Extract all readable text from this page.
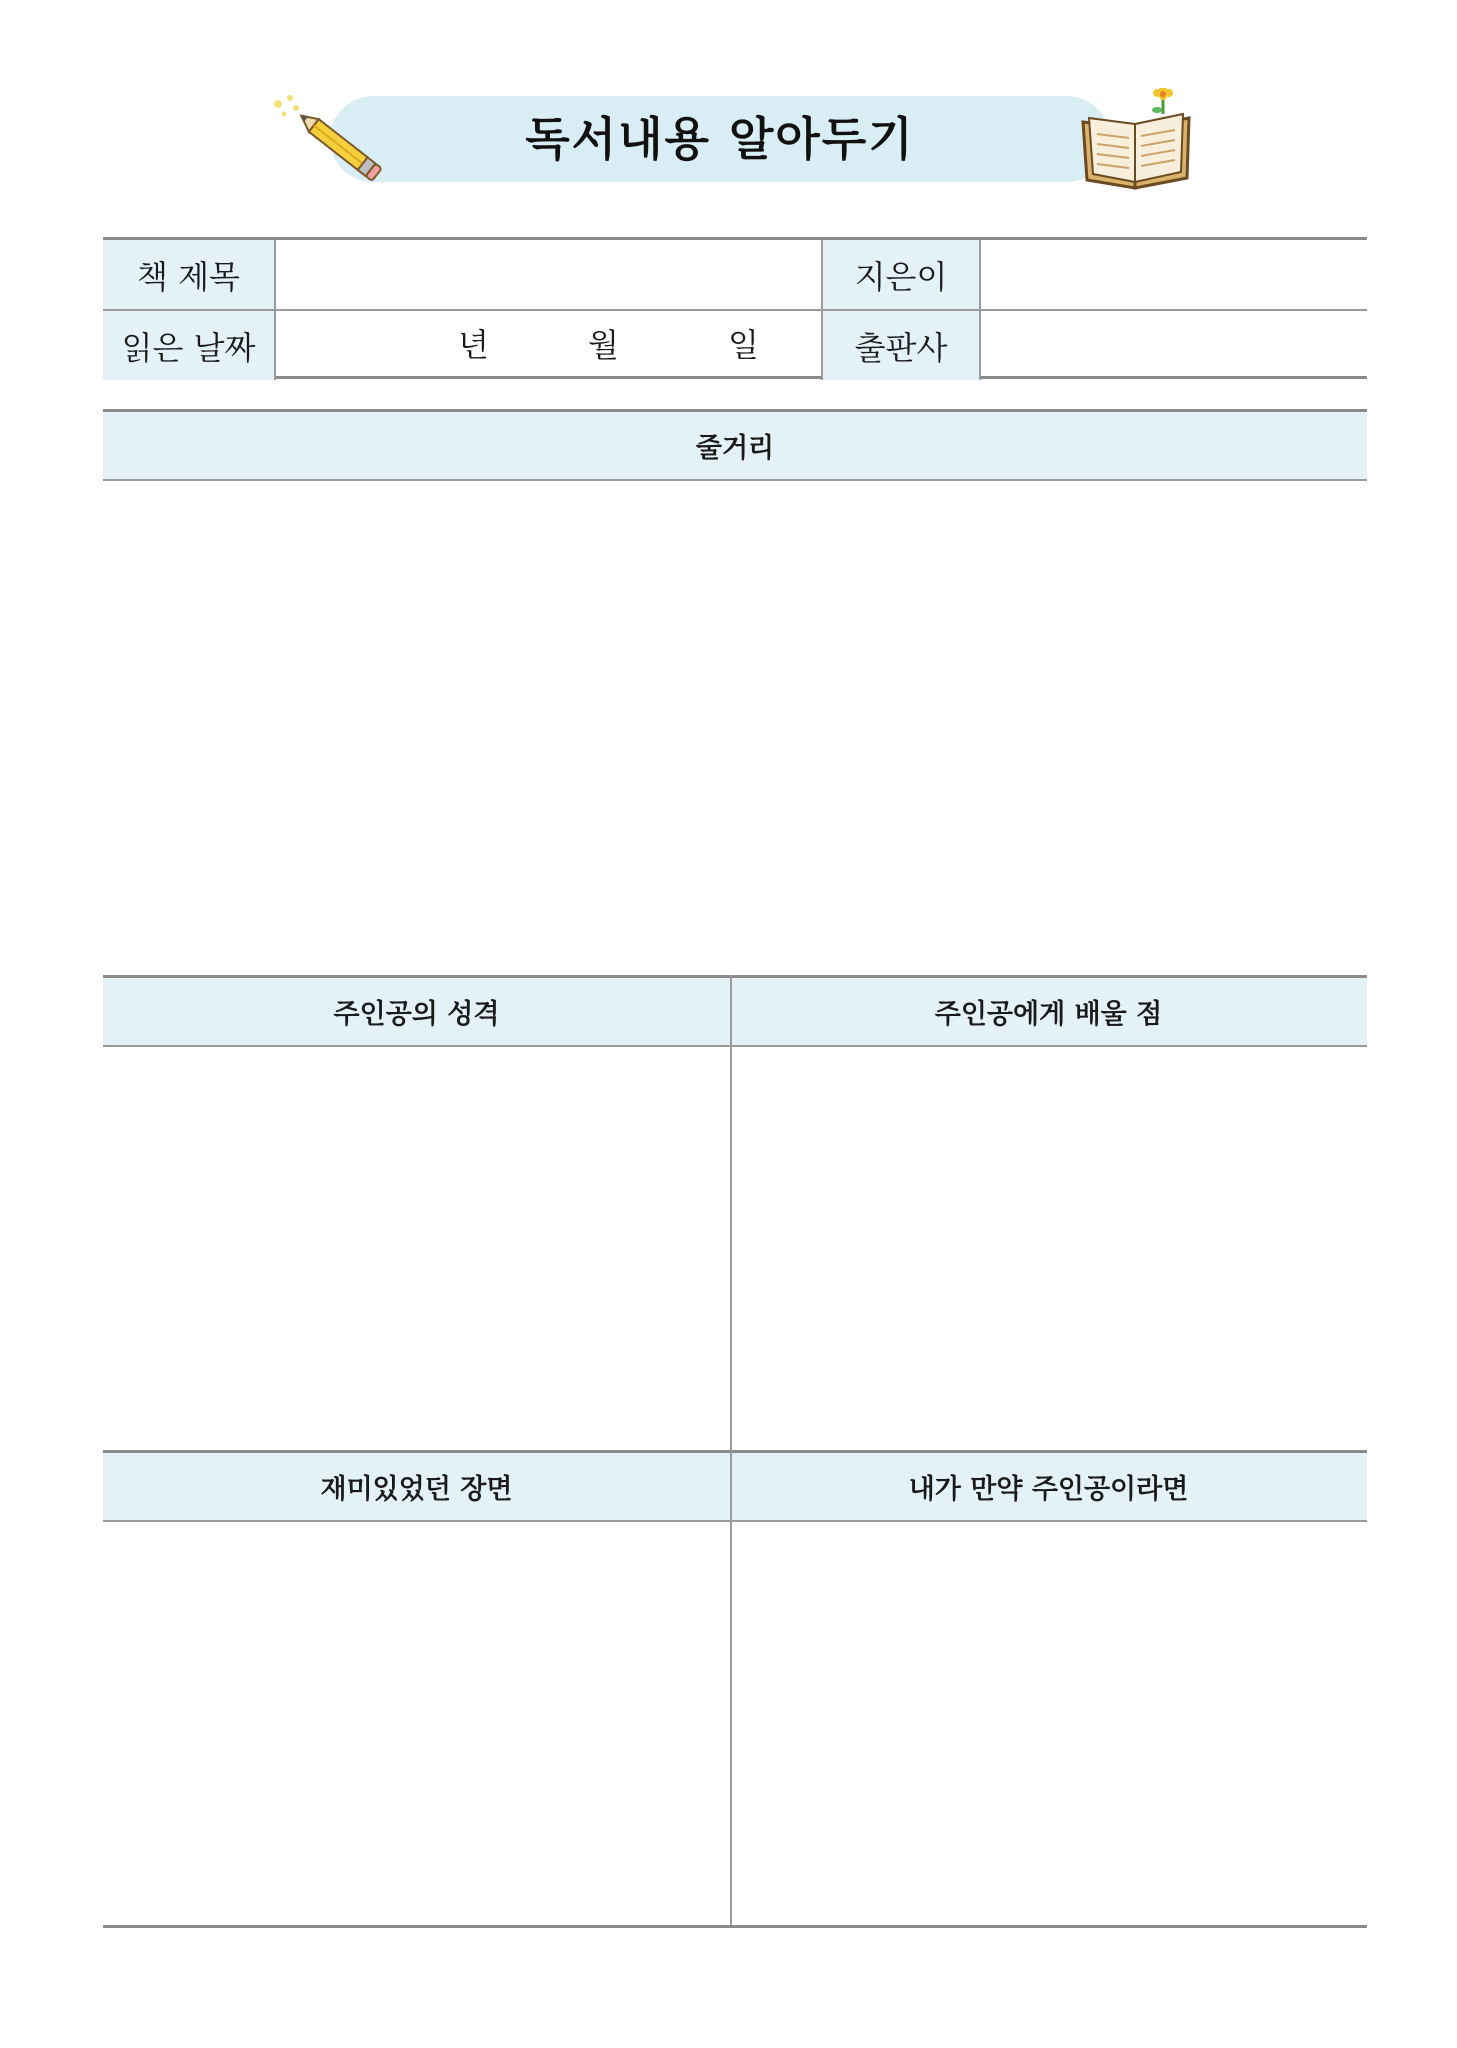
독서내용 알아두기
책 제목	지은이
읽은 날짜	년	월	일	출판사
줄거리
주인공의 성격	주인공에게 배울 점
재미있었던 장면	내가 만약 주인공이라면
